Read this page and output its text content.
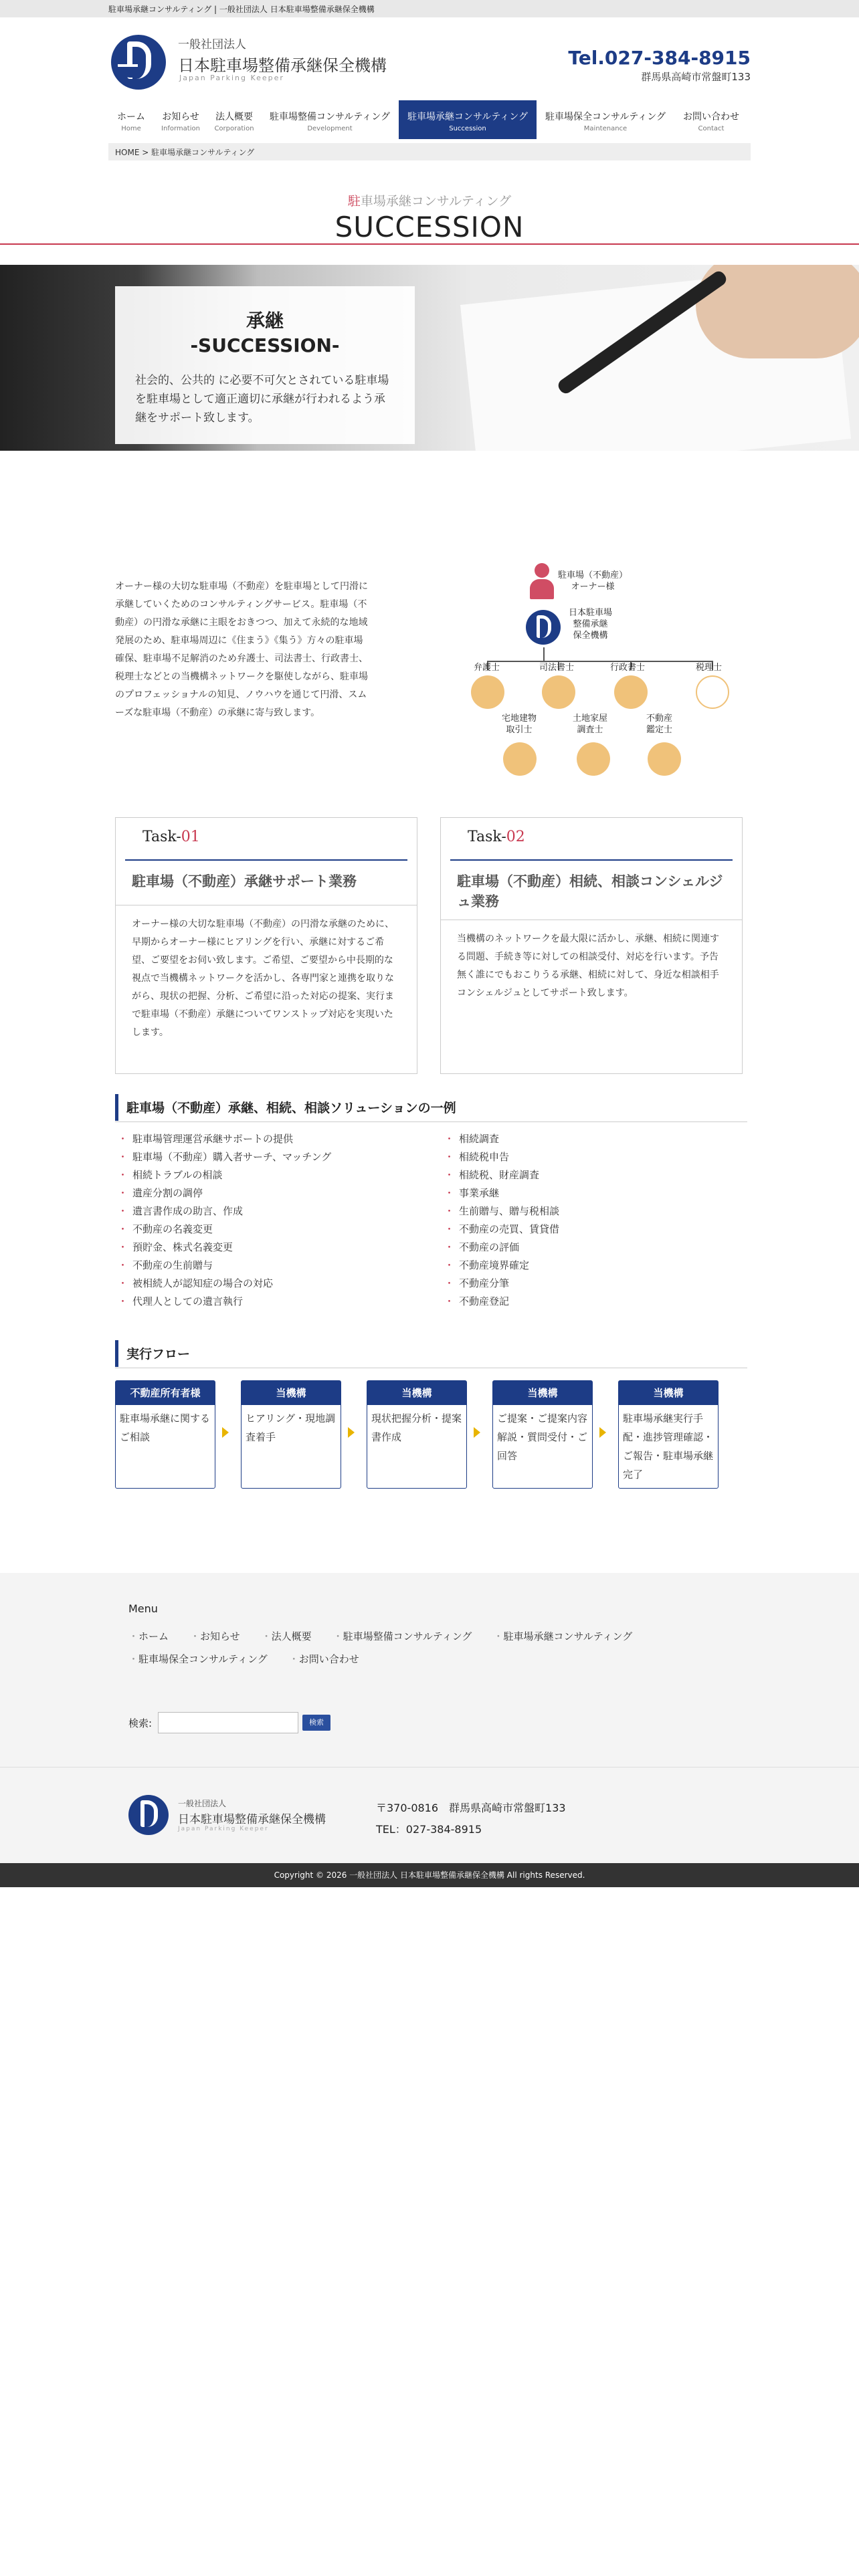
駐車場承継コンサルティング | 一般社団法人 日本駐車場整備承継保全機構
一般社団法人
日本駐車場整備承継保全機構
Japan Parking Keeper
Tel.027-384-8915
群馬県高崎市常盤町133
ホーム
Home
お知らせ
Information
法人概要
Corporation
駐車場整備コンサルティング
Development
駐車場承継コンサルティング
Succession
駐車場保全コンサルティング
Maintenance
お問い合わせ
Contact
HOME > 駐車場承継コンサルティング
駐車場承継コンサルティング
SUCCESSION
承継
-SUCCESSION-
社会的、公共的 に必要不可欠とされている駐車場を駐車場として適正適切に承継が行われるよう承継をサポート致します。
オーナー様の大切な駐車場（不動産）を駐車場として円滑に承継していくためのコンサルティングサービス。駐車場（不動産）の円滑な承継に主眼をおきつつ、加えて永続的な地域発展のため、駐車場周辺に《住まう》《集う》方々の駐車場確保、駐車場不足解消のため弁護士、司法書士、行政書士、税理士などとの当機構ネットワークを駆使しながら、駐車場のプロフェッショナルの知見、ノウハウを通じて円滑、スムーズな駐車場（不動産）の承継に寄与致します。
駐車場（不動産）
オーナー様
日本駐車場
整備承継
保全機構
弁護士	司法書士	行政書士	税理士
宅地建物
取引士
土地家屋
調査士
不動産
鑑定士
Task-01
駐車場（不動産）承継サポート業務
オーナー様の大切な駐車場（不動産）の円滑な承継のために、早期からオーナー様にヒアリングを行い、承継に対するご希望、ご要望をお伺い致します。ご希望、ご要望から中長期的な視点で当機構ネットワークを活かし、各専門家と連携を取りながら、現状の把握、分析、ご希望に沿った対応の提案、実行まで駐車場（不動産）承継についてワンストップ対応を実現いたします。
Task-02
駐車場（不動産）相続、相談コンシェルジュ業務
当機構のネットワークを最大限に活かし、承継、相続に関連する問題、手続き等に対しての相談受付、対応を行います。予告無く誰にでもおこりうる承継、相続に対して、身近な相談相手コンシェルジュとしてサポート致します。
駐車場（不動産）承継、相続、相談ソリューションの一例
・ 駐車場管理運営承継サポートの提供
・ 駐車場（不動産）購入者サーチ、マッチング
・ 相続トラブルの相談
・ 遺産分割の調停
・ 遺言書作成の助言、作成
・ 不動産の名義変更
・ 預貯金、株式名義変更
・ 不動産の生前贈与
・ 被相続人が認知症の場合の対応
・ 代理人としての遺言執行
・ 相続調査
・ 相続税申告
・ 相続税、財産調査
・ 事業承継
・ 生前贈与、贈与税相談
・ 不動産の売買、賃貸借
・ 不動産の評価
・ 不動産境界確定
・ 不動産分筆
・ 不動産登記
実行フロー
不動産所有者様
駐車場承継に関するご相談
当機構
ヒアリング・現地調査着手
当機構
現状把握分析・提案書作成
当機構
ご提案・ご提案内容解説・質問受付・ご回答
当機構
駐車場承継実行手配・進捗管理確認・ご報告・駐車場承継完了
Menu
・ ホーム	・ お知らせ	・ 法人概要	・ 駐車場整備コンサルティング	・ 駐車場承継コンサルティング
・ 駐車場保全コンサルティング	・ お問い合わせ
検索:	検索
一般社団法人
日本駐車場整備承継保全機構
Japan Parking Keeper
〒370-0816　群馬県高崎市常盤町133
TEL：027-384-8915
Copyright © 2026 一般社団法人 日本駐車場整備承継保全機構 All rights Reserved.
